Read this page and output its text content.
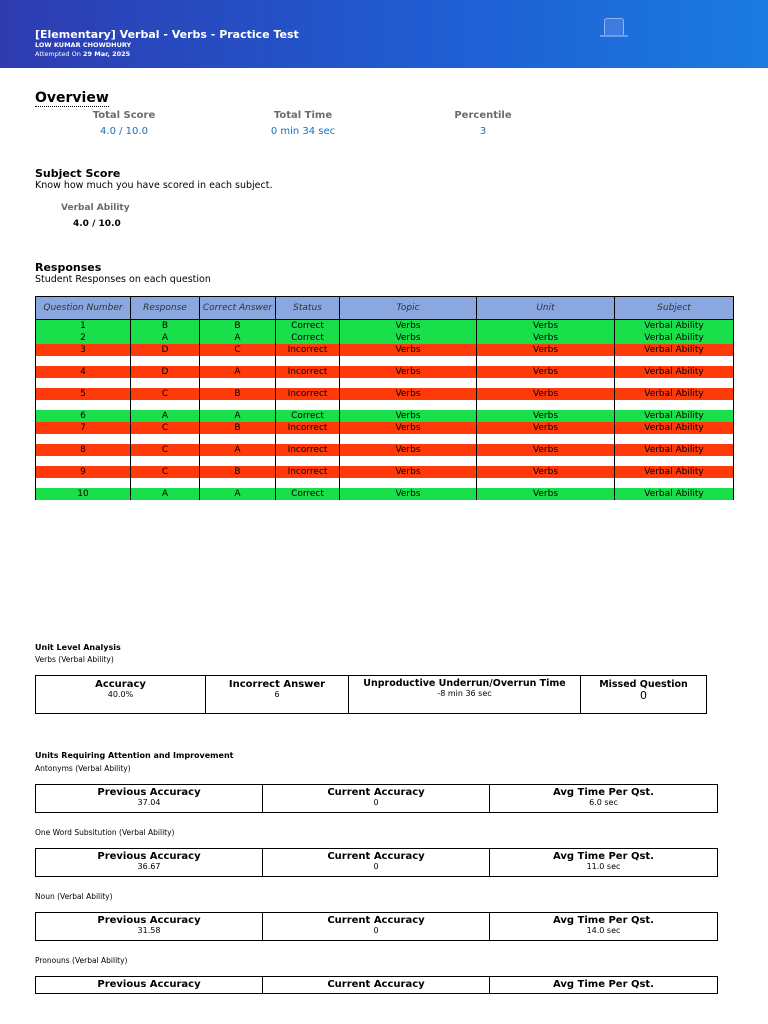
[Elementary] Verbal - Verbs - Practice Test
LOW KUMAR CHOWDHURY
Attempted On 29 Mar, 2025
Overview
Total Score
4.0 / 10.0
Total Time
0 min 34 sec
Percentile
3
Subject Score
Know how much you have scored in each subject.
Verbal Ability
4.0 / 10.0
Responses
Student Responses on each question
Question Number	Response	Correct Answer	Status	Topic	Unit	Subject
1	B	B	Correct	Verbs	Verbs	Verbal Ability
2	A	A	Correct	Verbs	Verbs	Verbal Ability
3	D	C	Incorrect	Verbs	Verbs	Verbal Ability

4	D	A	Incorrect	Verbs	Verbs	Verbal Ability

5	C	B	Incorrect	Verbs	Verbs	Verbal Ability

6	A	A	Correct	Verbs	Verbs	Verbal Ability
7	C	B	Incorrect	Verbs	Verbs	Verbal Ability

8	C	A	Incorrect	Verbs	Verbs	Verbal Ability

9	C	B	Incorrect	Verbs	Verbs	Verbal Ability

10	A	A	Correct	Verbs	Verbs	Verbal Ability
Unit Level Analysis
Verbs (Verbal Ability)
Accuracy
40.0%
Incorrect Answer
6
Unproductive Underrun/Overrun Time
-8 min 36 sec
Missed Question
0
Units Requiring Attention and Improvement
Antonyms (Verbal Ability)
Previous Accuracy
37.04
Current Accuracy
0
Avg Time Per Qst.
6.0 sec
One Word Subsitution (Verbal Ability)
Previous Accuracy
36.67
Current Accuracy
0
Avg Time Per Qst.
11.0 sec
Noun (Verbal Ability)
Previous Accuracy
31.58
Current Accuracy
0
Avg Time Per Qst.
14.0 sec
Pronouns (Verbal Ability)
Previous Accuracy	Current Accuracy	Avg Time Per Qst.
